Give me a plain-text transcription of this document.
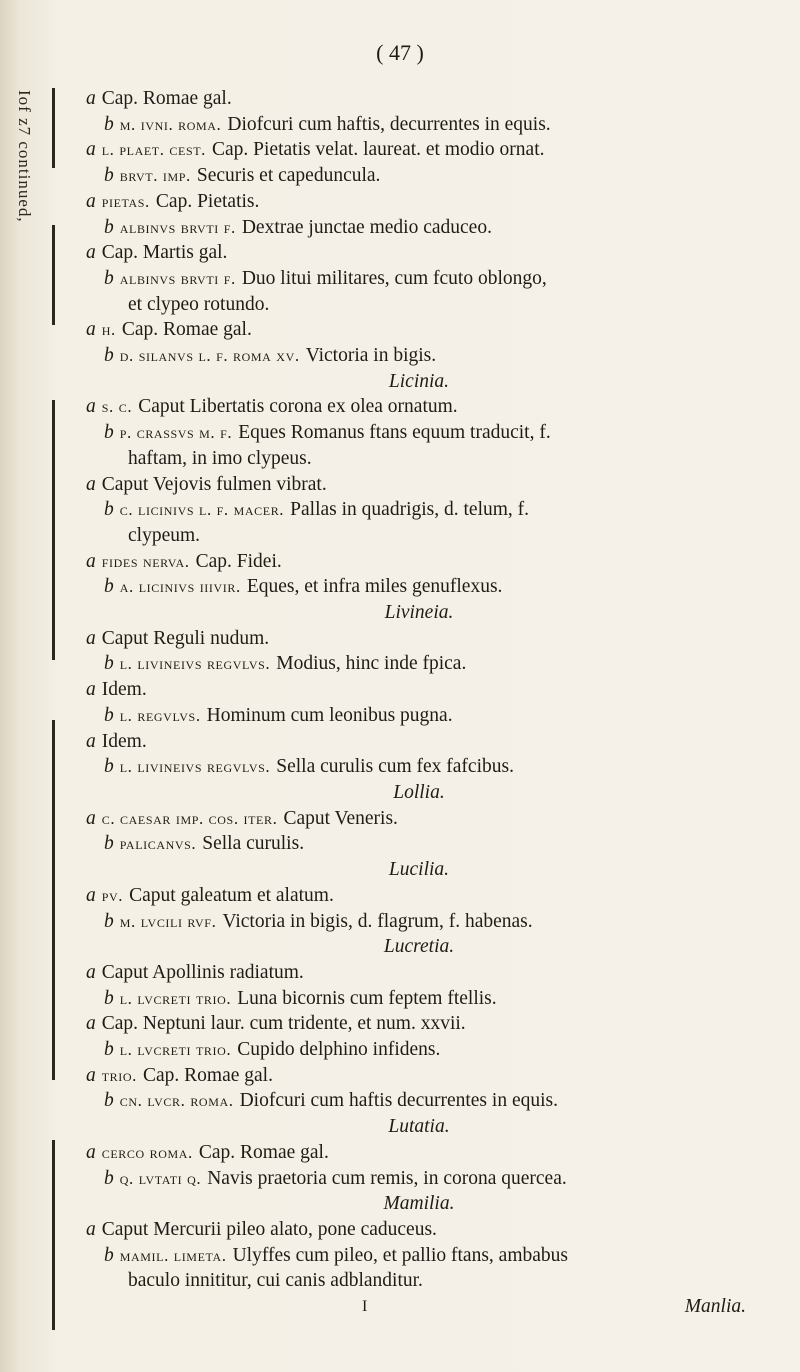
Iof z7 continued,
( 47 )
a Cap. Romae gal.
b m. ivni. roma. Diofcuri cum haftis, decurrentes in equis.
a l. plaet. cest. Cap. Pietatis velat. laureat. et modio ornat.
b brvt. imp. Securis et capeduncula.
a pietas. Cap. Pietatis.
b albinvs brvti f. Dextrae junctae medio caduceo.
a Cap. Martis gal.
b albinvs brvti f. Duo litui militares, cum fcuto oblongo,
et clypeo rotundo.
a h. Cap. Romae gal.
b d. silanvs l. f. roma xv. Victoria in bigis.
Licinia.
a s. c. Caput Libertatis corona ex olea ornatum.
b p. crassvs m. f. Eques Romanus ftans equum traducit, f.
haftam, in imo clypeus.
a Caput Vejovis fulmen vibrat.
b c. licinivs l. f. macer. Pallas in quadrigis, d. telum, f.
clypeum.
a fides nerva. Cap. Fidei.
b a. licinivs iiivir. Eques, et infra miles genuflexus.
Livineia.
a Caput Reguli nudum.
b l. livineivs regvlvs. Modius, hinc inde fpica.
a Idem.
b l. regvlvs. Hominum cum leonibus pugna.
a Idem.
b l. livineivs regvlvs. Sella curulis cum fex fafcibus.
Lollia.
a c. caesar imp. cos. iter. Caput Veneris.
b palicanvs. Sella curulis.
Lucilia.
a pv. Caput galeatum et alatum.
b m. lvcili rvf. Victoria in bigis, d. flagrum, f. habenas.
Lucretia.
a Caput Apollinis radiatum.
b l. lvcreti trio. Luna bicornis cum feptem ftellis.
a Cap. Neptuni laur. cum tridente, et num. xxvii.
b l. lvcreti trio. Cupido delphino infidens.
a trio. Cap. Romae gal.
b cn. lvcr. roma. Diofcuri cum haftis decurrentes in equis.
Lutatia.
a cerco roma. Cap. Romae gal.
b q. lvtati q. Navis praetoria cum remis, in corona quercea.
Mamilia.
a Caput Mercurii pileo alato, pone caduceus.
b mamil. limeta. Ulyffes cum pileo, et pallio ftans, ambabus
baculo innititur, cui canis adblanditur.
I	Manlia.
